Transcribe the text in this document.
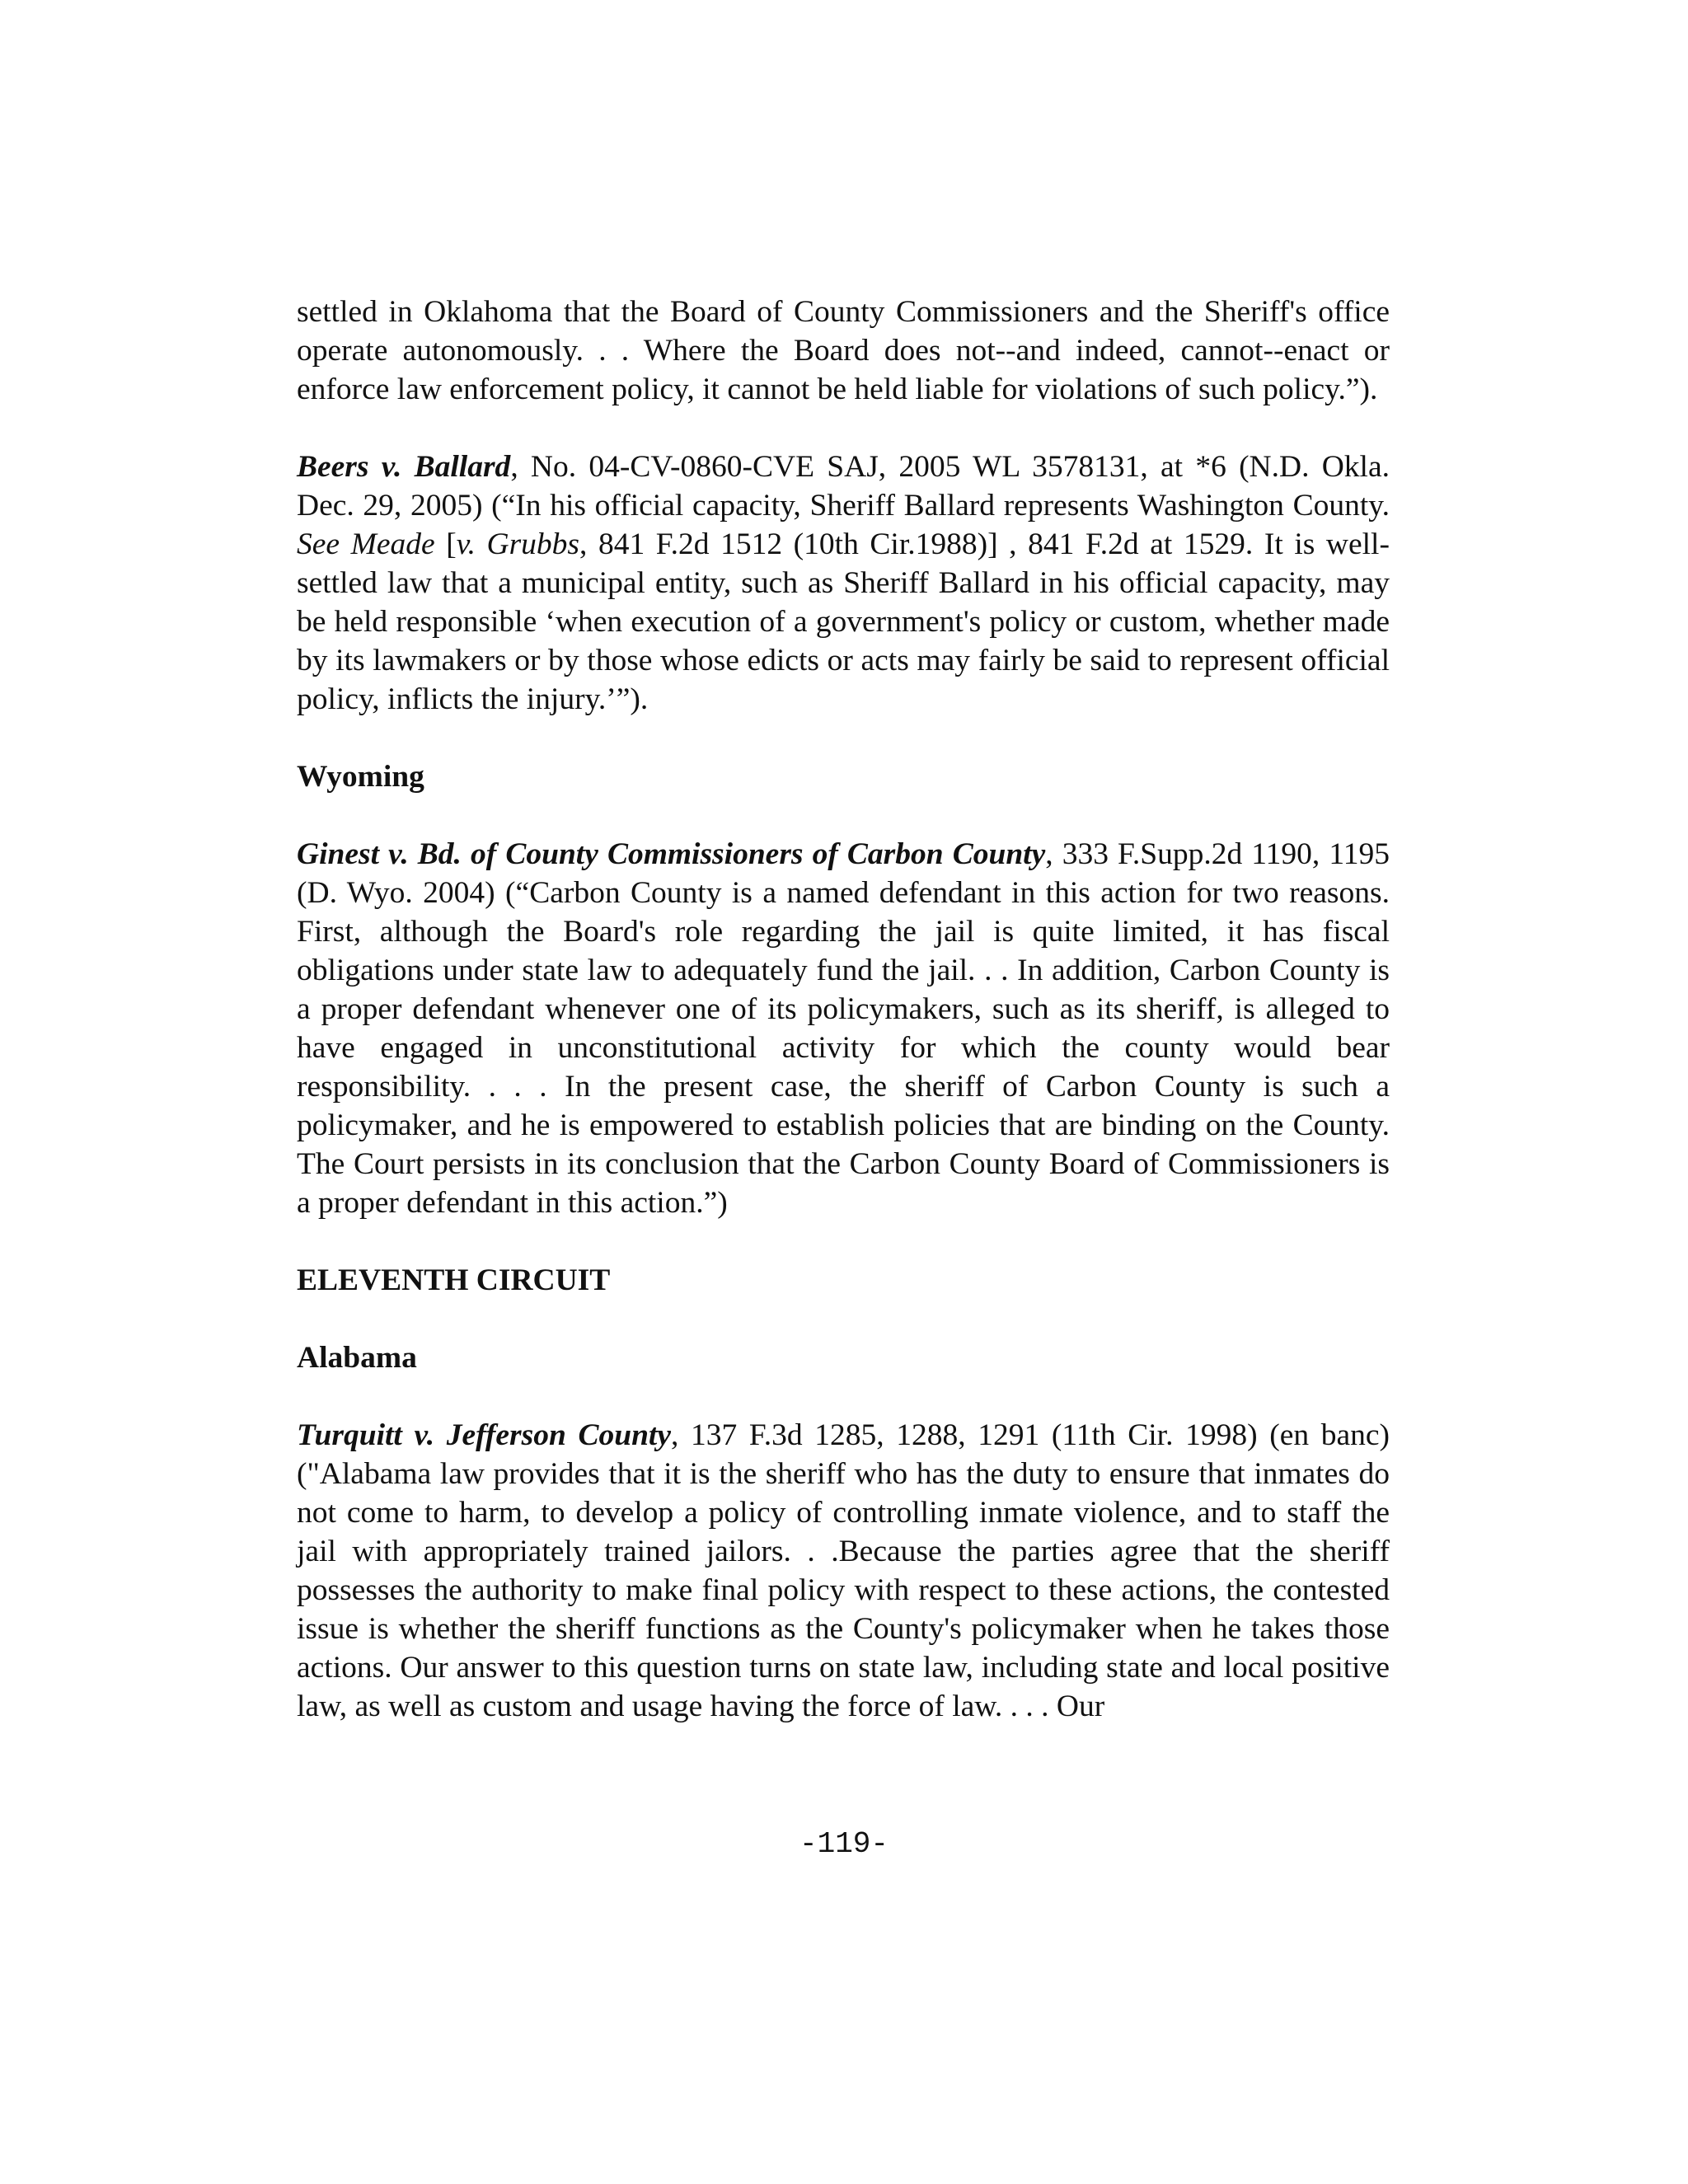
settled in Oklahoma that the Board of County Commissioners and the Sheriff's office operate autonomously. . . Where the Board does not--and indeed, cannot--enact or enforce law enforcement policy, it cannot be held liable for violations of such policy.”).

Beers v. Ballard, No. 04-CV-0860-CVE SAJ, 2005 WL 3578131, at *6 (N.D. Okla. Dec. 29, 2005) (“In his official capacity, Sheriff Ballard represents Washington County. See Meade [v. Grubbs, 841 F.2d 1512 (10th Cir.1988)] , 841 F.2d at 1529. It is well-settled law that a municipal entity, such as Sheriff Ballard in his official capacity, may be held responsible ‘when execution of a government's policy or custom, whether made by its lawmakers or by those whose edicts or acts may fairly be said to represent official policy, inflicts the injury.’”).

Wyoming

Ginest v. Bd. of County Commissioners of Carbon County, 333 F.Supp.2d 1190, 1195 (D. Wyo. 2004) (“Carbon County is a named defendant in this action for two reasons. First, although the Board's role regarding the jail is quite limited, it has fiscal obligations under state law to adequately fund the jail. . . In addition, Carbon County is a proper defendant whenever one of its policymakers, such as its sheriff, is alleged to have engaged in unconstitutional activity for which the county would bear responsibility. . . . In the present case, the sheriff of Carbon County is such a policymaker, and he is empowered to establish policies that are binding on the County. The Court persists in its conclusion that the Carbon County Board of Commissioners is a proper defendant in this action.”)

ELEVENTH CIRCUIT
Alabama

Turquitt v. Jefferson County, 137 F.3d 1285, 1288, 1291 (11th Cir. 1998) (en banc) ("Alabama law provides that it is the sheriff who has the duty to ensure that inmates do not come to harm, to develop a policy of controlling inmate violence, and to staff the jail with appropriately trained jailors. . .Because the parties agree that the sheriff possesses the authority to make final policy with respect to these actions, the contested issue is whether the sheriff functions as the County's policymaker when he takes those actions. Our answer to this question turns on state law, including state and local positive law, as well as custom and usage having the force of law. . . . Our

-119-
